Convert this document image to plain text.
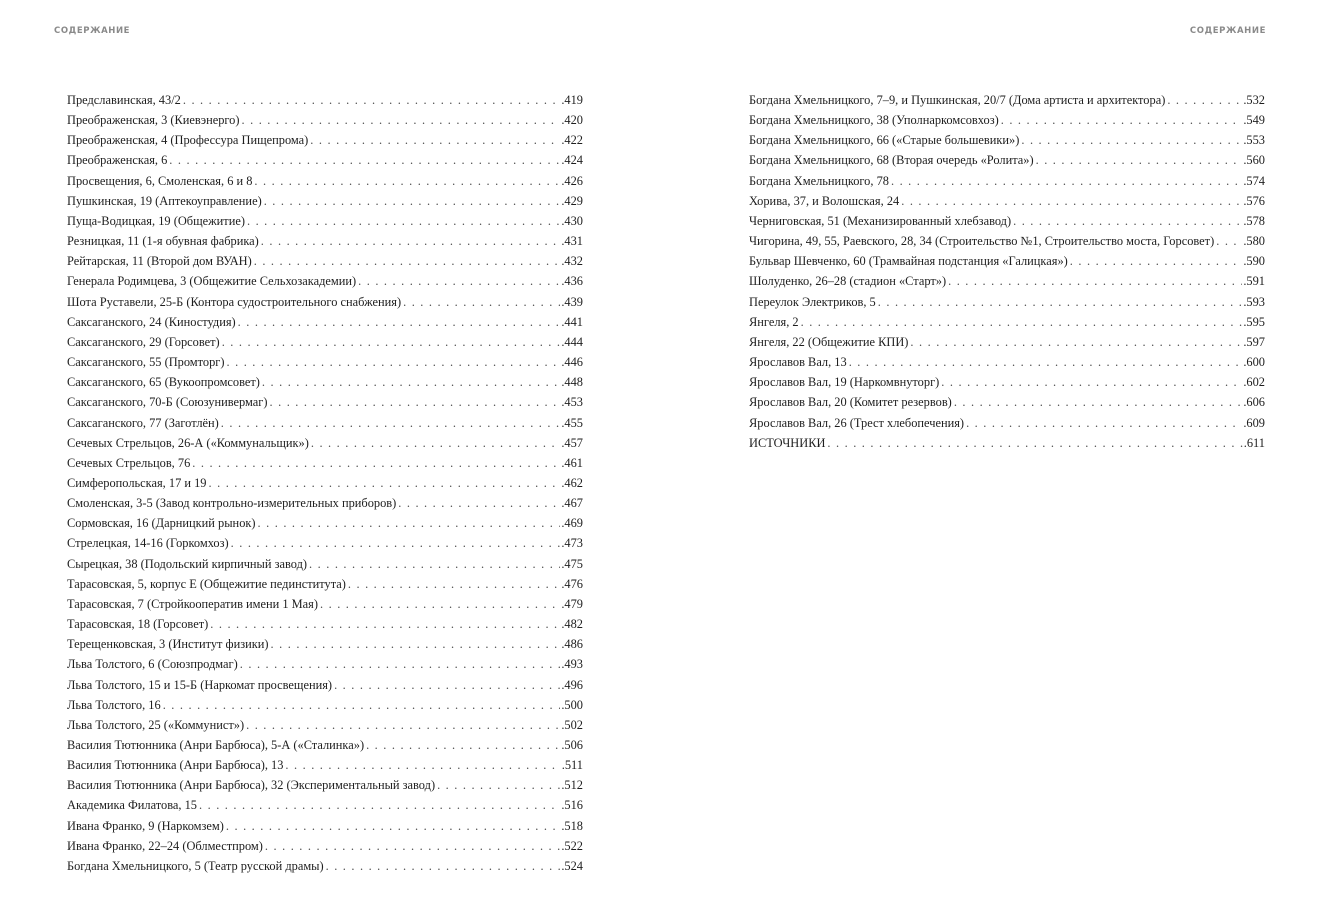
СОДЕРЖАНИЕ	СОДЕРЖАНИЕ
Предславинская, 43/2 . . .	.419
Преображенская, 3 (Киевэнерго) . . .	.420
Преображенская, 4 (Профессура Пищепрома) . . .	.422
Преображенская, 6 . . .	.424
Просвещения, 6, Смоленская, 6 и 8 . . .	.426
Пушкинская, 19 (Аптекоуправление) . . .	.429
Пуща-Водицкая, 19 (Общежитие) . . .	.430
Резницкая, 11 (1-я обувная фабрика) . . .	.431
Рейтарская, 11 (Второй дом ВУАН) . . .	.432
Генерала Родимцева, 3 (Общежитие Сельхозакадемии) . . .	.436
Шота Руставели, 25-Б (Контора судостроительного снабжения) . . .	.439
Саксаганского, 24 (Киностудия) . . .	.441
Саксаганского, 29 (Горсовет) . . .	.444
Саксаганского, 55 (Промторг) . . .	.446
Саксаганского, 65 (Вукоопромсовет) . . .	.448
Саксаганского, 70-Б (Союзунивермаг) . . .	.453
Саксаганского, 77 (Заготлён) . . .	.455
Сечевых Стрельцов, 26-А («Коммунальщик») . . .	.457
Сечевых Стрельцов, 76 . . .	.461
Симферопольская, 17 и 19 . . .	.462
Смоленская, 3-5 (Завод контрольно-измерительных приборов) . . .	.467
Сормовская, 16 (Дарницкий рынок) . . .	.469
Стрелецкая, 14-16 (Горкомхоз) . . .	.473
Сырецкая, 38 (Подольский кирпичный завод) . . .	.475
Тарасовская, 5, корпус Е (Общежитие пединститута) . . .	.476
Тарасовская, 7 (Стройкооператив имени 1 Мая) . . .	.479
Тарасовская, 18 (Горсовет) . . .	.482
Терещенковская, 3 (Институт физики) . . .	.486
Льва Толстого, 6 (Союзпродмаг) . . .	.493
Льва Толстого, 15 и 15-Б (Наркомат просвещения) . . .	.496
Льва Толстого, 16 . . .	.500
Льва Толстого, 25 («Коммунист») . . .	.502
Василия Тютюнника (Анри Барбюса), 5-А («Сталинка») . . .	.506
Василия Тютюнника (Анри Барбюса), 13 . . .	.511
Василия Тютюнника (Анри Барбюса), 32 (Экспериментальный завод) . . .	.512
Академика Филатова, 15 . . .	.516
Ивана Франко, 9 (Наркомзем) . . .	.518
Ивана Франко, 22–24 (Облместпром) . . .	.522
Богдана Хмельницкого, 5 (Театр русской драмы) . . .	.524
Богдана Хмельницкого, 7–9, и Пушкинская, 20/7 (Дома артиста и архитектора) . . .	.532
Богдана Хмельницкого, 38 (Уполнаркомсовхоз) . . .	.549
Богдана Хмельницкого, 66 («Старые большевики») . . .	.553
Богдана Хмельницкого, 68 (Вторая очередь «Ролита») . . .	.560
Богдана Хмельницкого, 78 . . .	.574
Хорива, 37, и Волошская, 24 . . .	.576
Черниговская, 51 (Механизированный хлебзавод) . . .	.578
Чигорина, 49, 55, Раевского, 28, 34 (Строительство №1, Строительство моста, Горсовет) . . . .580
Бульвар Шевченко, 60 (Трамвайная подстанция «Галицкая») . . .	.590
Шолуденко, 26–28 (стадион «Старт») . . .	.591
Переулок Электриков, 5 . . .	.593
Янгеля, 2 . . .	.595
Янгеля, 22 (Общежитие КПИ) . . .	.597
Ярославов Вал, 13 . . .	.600
Ярославов Вал, 19 (Наркомвнуторг) . . .	.602
Ярославов Вал, 20 (Комитет резервов) . . .	.606
Ярославов Вал, 26 (Трест хлебопечения) . . .	.609
ИСТОЧНИКИ . . .	.611
